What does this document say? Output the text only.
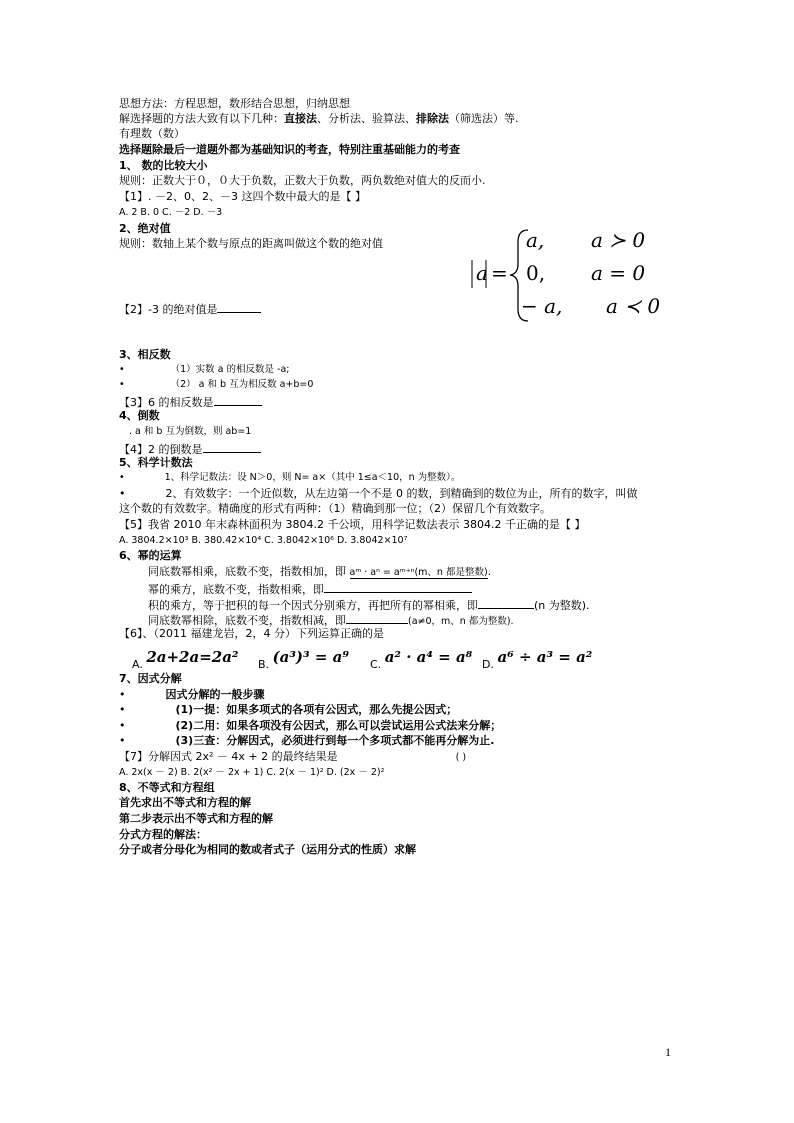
思想方法：方程思想，数形结合思想，归纳思想
解选择题的方法大致有以下几种：直接法、分析法、验算法、排除法（筛选法）等.
有理数（数）
选择题除最后一道题外都为基础知识的考查，特别注重基础能力的考查
1、 数的比较大小
规则：正数大于０，０大于负数，正数大于负数，两负数绝对值大的反而小.
【1】. －2、0、2、－3 这四个数中最大的是【 】
A. 2 B. 0 C. －2 D. －3
2、绝对值
规则：数轴上某个数与原点的距离叫做这个数的绝对值
a =
a, a ≻ 0
0, a = 0
− a, a ≺ 0
【2】-3 的绝对值是
3、相反数
•	（1）实数 a 的相反数是 -a;
•	（2） a 和 b 互为相反数 a+b=0
【3】6 的相反数是
4、倒数
. a 和 b 互为倒数，则 ab=1
【4】2 的倒数是
5、科学计数法
•	1、科学记数法：设 N＞0，则 N= a×（其中 1≤a＜10，n 为整数）。
•	2、有效数字：一个近似数，从左边第一个不是 0 的数，到精确到的数位为止，所有的数字，叫做
这个数的有效数字。精确度的形式有两种：（1）精确到那一位；（2）保留几个有效数字。
【5】我省 2010 年末森林面积为 3804.2 千公顷，用科学记数法表示 3804.2 千正确的是【 】
A. 3804.2×10³ B. 380.42×10⁴ C. 3.8042×10⁶ D. 3.8042×10⁷
6、幂的运算
同底数幂相乘，底数不变，指数相加，即 aᵐ · aⁿ = aᵐ⁺ⁿ(m、n 都是整数).
幂的乘方，底数不变，指数相乘，即
积的乘方，等于把积的每一个因式分别乘方，再把所有的幂相乘，即	(n 为整数).
同底数幂相除，底数不变，指数相减，即	(a≠0，m、n 都为整数).
【6】、（2011 福建龙岩，2，4 分）下列运算正确的是
A. 2a+2a=2a² B. (a³)³ = a⁹ C. a² · a⁴ = a⁸ D. a⁶ ÷ a³ = a²
7、因式分解
•	因式分解的一般步骤
•	(1)一提：如果多项式的各项有公因式，那么先提公因式；
•	(2)二用：如果各项没有公因式，那么可以尝试运用公式法来分解；
•	(3)三查：分解因式，必须进行到每一个多项式都不能再分解为止.
【7】分解因式 2x² － 4x + 2 的最终结果是	( )
A. 2x(x － 2) B. 2(x² － 2x + 1) C. 2(x － 1)² D. (2x － 2)²
8、不等式和方程组
首先求出不等式和方程的解
第二步表示出不等式和方程的解
分式方程的解法：
分子或者分母化为相同的数或者式子（运用分式的性质）求解
1
